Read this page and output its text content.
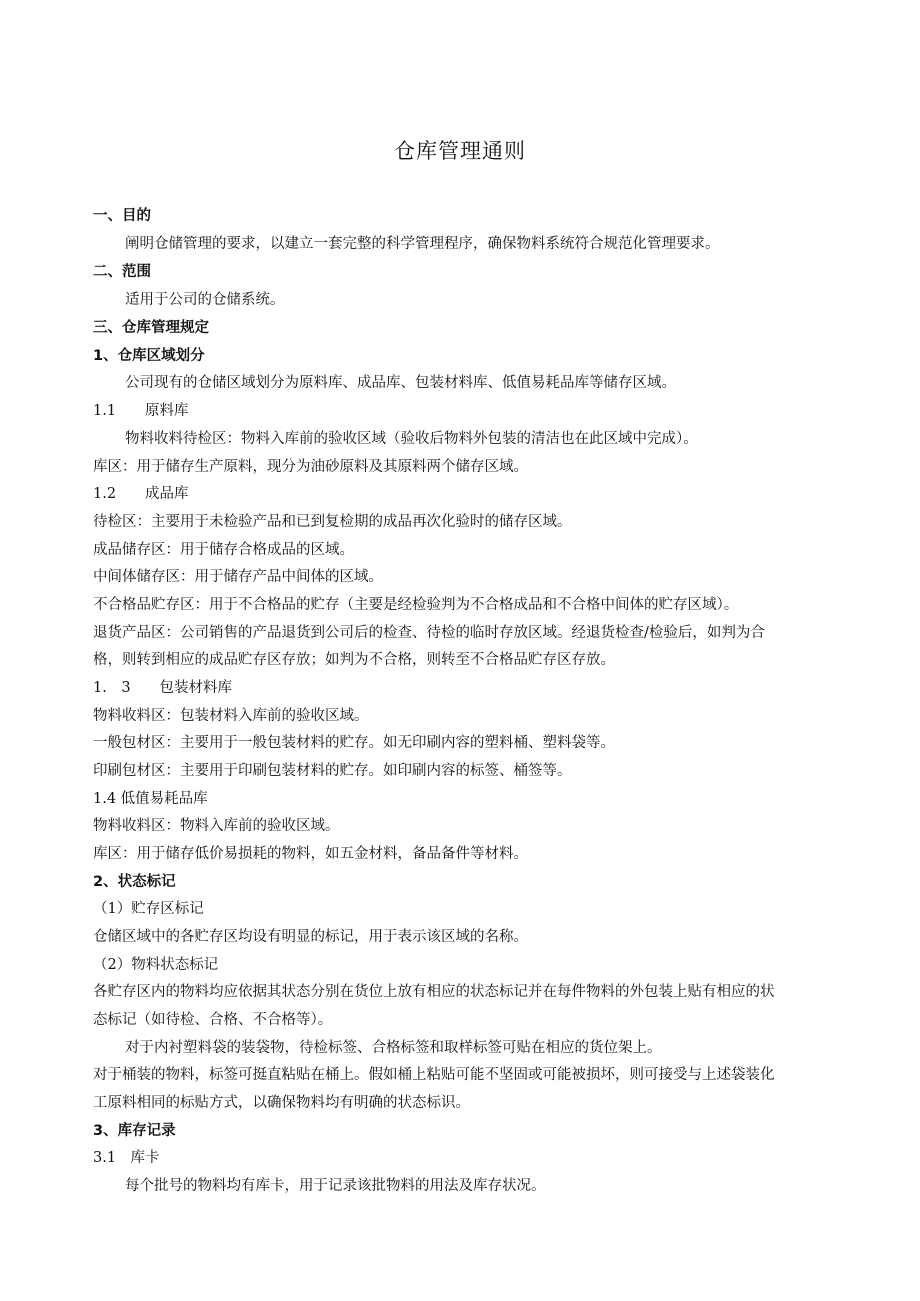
仓库管理通则
一、目的
阐明仓储管理的要求，以建立一套完整的科学管理程序，确保物料系统符合规范化管理要求。
二、范围
适用于公司的仓储系统。
三、仓库管理规定
1、仓库区域划分
公司现有的仓储区域划分为原料库、成品库、包装材料库、低值易耗品库等储存区域。
1.1　　原料库
物料收料待检区：物料入库前的验收区域（验收后物料外包装的清洁也在此区域中完成）。
库区：用于储存生产原料，现分为油砂原料及其原料两个储存区域。
1.2　　成品库
待检区：主要用于未检验产品和已到复检期的成品再次化验时的储存区域。
成品储存区：用于储存合格成品的区域。
中间体储存区：用于储存产品中间体的区域。
不合格品贮存区：用于不合格品的贮存（主要是经检验判为不合格成品和不合格中间体的贮存区域）。
退货产品区：公司销售的产品退货到公司后的检查、待检的临时存放区域。经退货检查/检验后，如判为合
格，则转到相应的成品贮存区存放；如判为不合格，则转至不合格品贮存区存放。
1.　3　　包装材料库
物料收料区：包装材料入库前的验收区域。
一般包材区：主要用于一般包装材料的贮存。如无印刷内容的塑料桶、塑料袋等。
印刷包材区：主要用于印刷包装材料的贮存。如印刷内容的标签、桶签等。
1.4 低值易耗品库
物料收料区：物料入库前的验收区域。
库区：用于储存低价易损耗的物料，如五金材料，备品备件等材料。
2、状态标记
（1）贮存区标记
仓储区域中的各贮存区均设有明显的标记，用于表示该区域的名称。
（2）物料状态标记
各贮存区内的物料均应依据其状态分别在货位上放有相应的状态标记并在每件物料的外包装上贴有相应的状
态标记（如待检、合格、不合格等）。
对于内衬塑料袋的装袋物，待检标签、合格标签和取样标签可贴在相应的货位架上。
对于桶装的物料，标签可挺直粘贴在桶上。假如桶上粘贴可能不坚固或可能被损坏，则可接受与上述袋装化
工原料相同的标贴方式，以确保物料均有明确的状态标识。
3、库存记录
3.1　库卡
每个批号的物料均有库卡，用于记录该批物料的用法及库存状况。
